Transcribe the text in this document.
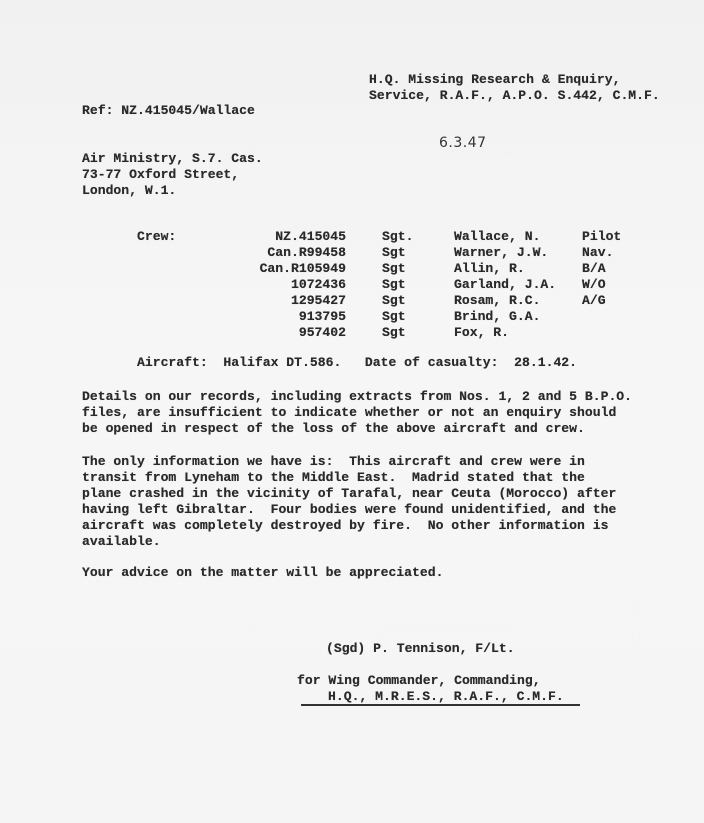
H.Q. Missing Research & Enquiry,
Service, R.A.F., A.P.O. S.442, C.M.F.
Ref: NZ.415045/Wallace
6.3.47
Air Ministry, S.7. Cas.
73-77 Oxford Street,
London, W.1.
Crew:	NZ.415045	Sgt.	Wallace, N.	Pilot
	Can.R99458	Sgt	Warner, J.W.	Nav.
	Can.R105949	Sgt	Allin, R.	B/A
	1072436	Sgt	Garland, J.A.	W/O
	1295427	Sgt	Rosam, R.C.	A/G
	913795	Sgt	Brind, G.A.	
	957402	Sgt	Fox, R.	
Aircraft:  Halifax DT.586.   Date of casualty:  28.1.42.
Details on our records, including extracts from Nos. 1, 2 and 5 B.P.O.
files, are insufficient to indicate whether or not an enquiry should
be opened in respect of the loss of the above aircraft and crew.
The only information we have is:  This aircraft and crew were in
transit from Lyneham to the Middle East.  Madrid stated that the
plane crashed in the vicinity of Tarafal, near Ceuta (Morocco) after
having left Gibraltar.  Four bodies were found unidentified, and the
aircraft was completely destroyed by fire.  No other information is
available.
Your advice on the matter will be appreciated.
(Sgd) P. Tennison, F/Lt.
for Wing Commander, Commanding,
H.Q., M.R.E.S., R.A.F., C.M.F.
